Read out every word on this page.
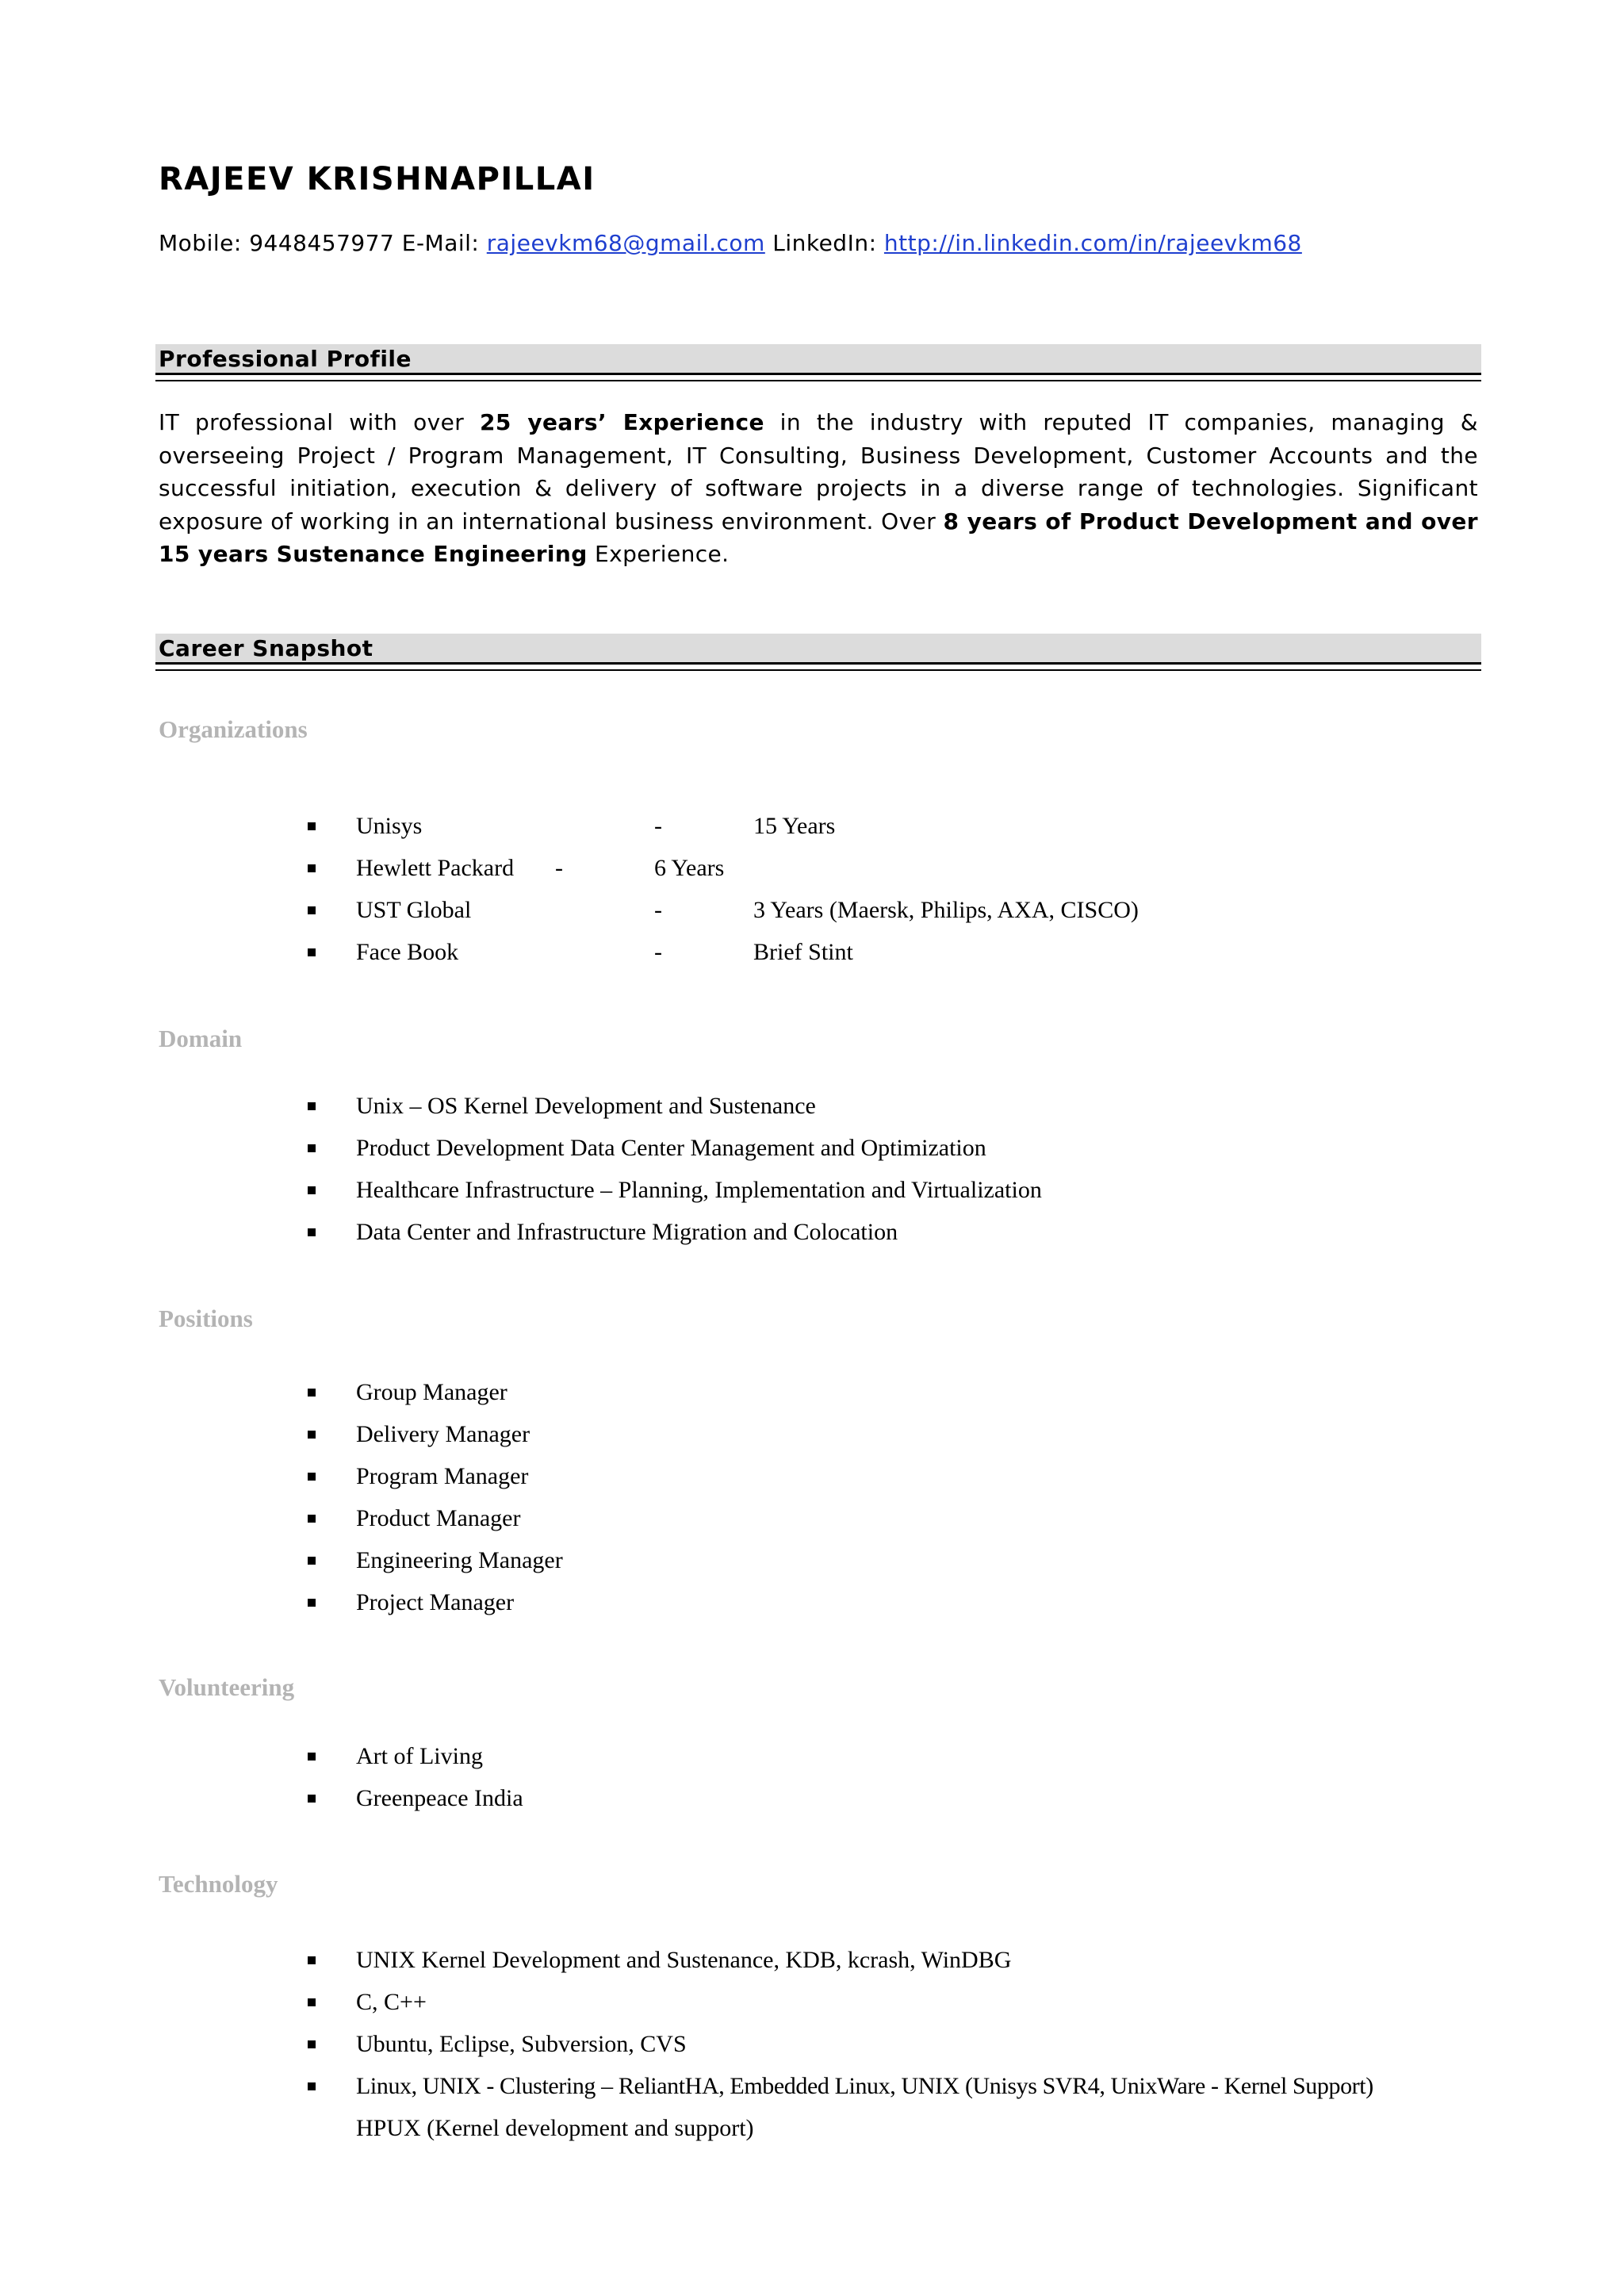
RAJEEV KRISHNAPILLAI
Mobile: 9448457977 E-Mail: rajeevkm68@gmail.com LinkedIn: http://in.linkedin.com/in/rajeevkm68
Professional Profile

IT professional with over 25 years’ Experience in the industry with reputed IT companies, managing & overseeing Project / Program Management, IT Consulting, Business Development, Customer Accounts and the successful initiation, execution & delivery of software projects in a diverse range of technologies. Significant exposure of working in an international business environment. Over 8 years of Product Development and over 15 years Sustenance Engineering Experience.

Career Snapshot
Organizations
Unisys	-	15 Years
Hewlett Packard -	6 Years
UST Global	-	3 Years (Maersk, Philips, AXA, CISCO)
Face Book	-	Brief Stint
Domain
Unix – OS Kernel Development and Sustenance
Product Development Data Center Management and Optimization
Healthcare Infrastructure – Planning, Implementation and Virtualization
Data Center and Infrastructure Migration and Colocation
Positions
Group Manager
Delivery Manager
Program Manager
Product Manager
Engineering Manager
Project Manager
Volunteering
Art of Living
Greenpeace India
Technology
UNIX Kernel Development and Sustenance, KDB, kcrash, WinDBG
C, C++
Ubuntu, Eclipse, Subversion, CVS
Linux, UNIX - Clustering – ReliantHA, Embedded Linux, UNIX (Unisys SVR4, UnixWare - Kernel Support)
HPUX (Kernel development and support)
